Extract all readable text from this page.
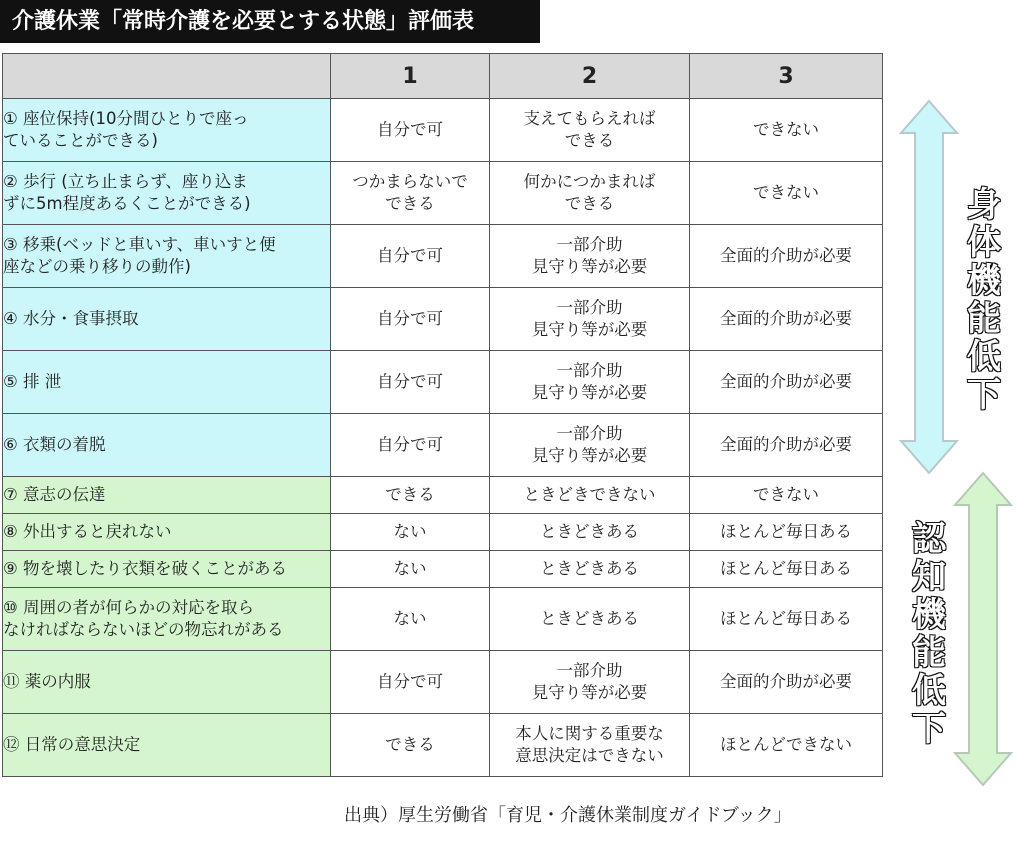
介護休業「常時介護を必要とする状態」評価表
	1	2	3

① 座位保持(10分間ひとりで座っ
ていることができる)	自分で可	支えてもらえれば
できる	できない

② 歩行 (立ち止まらず、座り込ま
ずに5m程度あるくことができる)	つかまらないで
できる	何かにつかまれば
できる	できない

③ 移乗(ベッドと車いす、車いすと便
座などの乗り移りの動作)	自分で可	一部介助
見守り等が必要	全面的介助が必要

④ 水分・食事摂取	自分で可	一部介助
見守り等が必要	全面的介助が必要

⑤ 排 泄	自分で可	一部介助
見守り等が必要	全面的介助が必要

⑥ 衣類の着脱	自分で可	一部介助
見守り等が必要	全面的介助が必要

⑦ 意志の伝達	できる	ときどきできない	できない

⑧ 外出すると戻れない	ない	ときどきある	ほとんど毎日ある

⑨ 物を壊したり衣類を破くことがある	ない	ときどきある	ほとんど毎日ある

⑩ 周囲の者が何らかの対応を取ら
なければならないほどの物忘れがある	ない	ときどきある	ほとんど毎日ある

⑪ 薬の内服	自分で可	一部介助
見守り等が必要	全面的介助が必要

⑫ 日常の意思決定	できる	本人に関する重要な
意思決定はできない	ほとんどできない
身
体
機
能
低
下
認
知
機
能
低
下
出典）厚生労働省「育児・介護休業制度ガイドブック」
